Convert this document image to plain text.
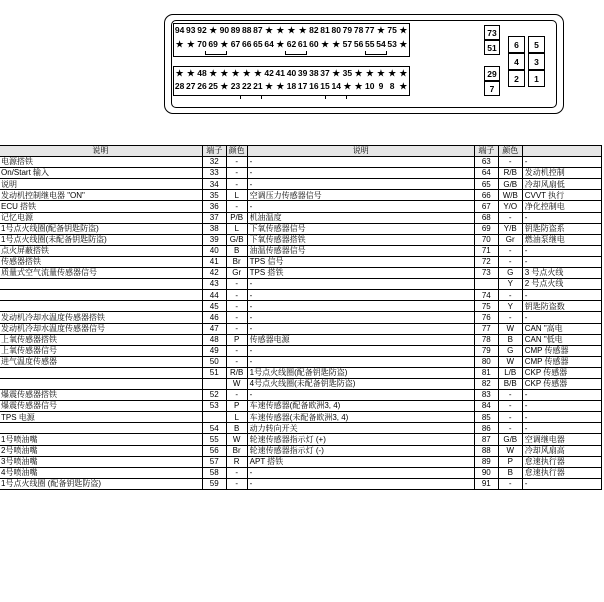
94 93 92 ★ 90 89 88 87 ★ ★ ★ ★ 82 81 80 79 78 77 ★ 75 ★
★ ★ 70 69 ★ 67 66 65 64 ★ 62 61 60 ★ ★ 57 56 55 54 53 ★
★ ★ 48 ★ ★ ★ ★ ★ 42 41 40 39 38 37 ★ 35 ★ ★ ★ ★ ★
28 27 26 25 ★ 23 22 21 ★ ★ 18 17 16 15 14 ★ ★ 10 9 8 ★
73
51
29
7
6	5
4	3
2	1
说明	端子	颜色	说明	端子	颜色	
电源搭铁	32	-	-	63	-	-
On/Start 输入	33	-	-	64	R/B	发动机控制
说明	34	-	-	65	G/B	冷却风扇低
发动机控制继电器 "ON"	35	L	空调压力传感器信号	66	W/B	CVVT 执行
ECU 搭铁	36	-	-	67	Y/O	净化控制电
记忆电源	37	P/B	机油温度	68	-	-
1号点火线圈(配备钥匙防盗)	38	L	下氧传感器信号	69	Y/B	钥匙防盗系
1号点火线圈(未配备钥匙防盗)	39	G/B	下氧传感器搭铁	70	Gr	燃油泵继电
点火屏蔽搭铁	40	B	油温传感器信号	71	-	-
传感器搭铁	41	Br	TPS 信号	72	-	-
质量式空气流量传感器信号	42	Gr	TPS 搭铁	73	G	3 号点火线
	43	-	-		Y	2 号点火线
	44	-	-	74	-	-
	45	-	-	75	Y	钥匙防盗数
发动机冷却水温度传感器搭铁	46	-	-	76	-	-
发动机冷却水温度传感器信号	47	-	-	77	W	CAN "高电
上氧传感器搭铁	48	P	传感器电源	78	B	CAN "低电
上氧传感器信号	49	-	-	79	G	CMP 传感器
进气温度传感器	50	-	-	80	W	CMP 传感器
	51	R/B	1号点火线圈(配备钥匙防盗)	81	L/B	CKP 传感器
		W	4号点火线圈(未配备钥匙防盗)	82	B/B	CKP 传感器
爆震传感器搭铁	52	-	-	83	-	-
爆震传感器信号	53	P	车速传感器(配备欧洲3, 4)	84	-	-
TPS 电源		L	车速传感器(未配备欧洲3, 4)	85	-	-
	54	B	动力转向开关	86	-	-
1号喷油嘴	55	W	轮速传感器指示灯 (+)	87	G/B	空调继电器
2号喷油嘴	56	Br	轮速传感器指示灯 (-)	88	W	冷却风扇高
3号喷油嘴	57	R	APT 搭铁	89	P	怠速执行器
4号喷油嘴	58	-	-	90	B	怠速执行器
1号点火线圈 (配备钥匙防盗)	59	-	-	91	-	-
